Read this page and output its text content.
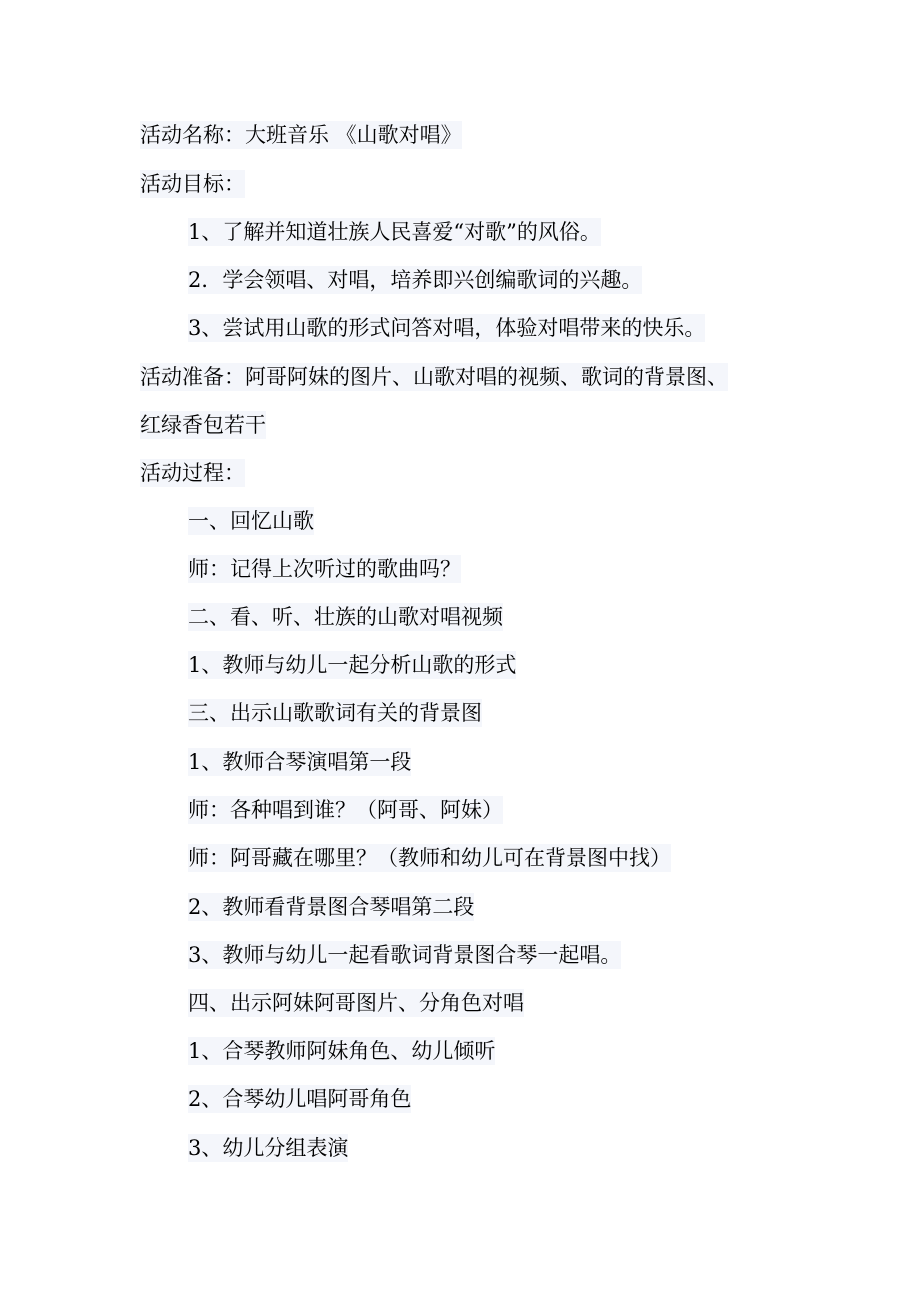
活动名称：大班音乐 《山歌对唱》
活动目标：
1、了解并知道壮族人民喜爱“对歌”的风俗。
2．学会领唱、对唱，培养即兴创编歌词的兴趣。
3、尝试用山歌的形式问答对唱，体验对唱带来的快乐。
活动准备：阿哥阿妹的图片、山歌对唱的视频、歌词的背景图、
红绿香包若干
活动过程：
一、回忆山歌
师：记得上次听过的歌曲吗？
二、看、听、壮族的山歌对唱视频
1、教师与幼儿一起分析山歌的形式
三、出示山歌歌词有关的背景图
1、教师合琴演唱第一段
师：各种唱到谁？（阿哥、阿妹）
师：阿哥藏在哪里？（教师和幼儿可在背景图中找）
2、教师看背景图合琴唱第二段
3、教师与幼儿一起看歌词背景图合琴一起唱。
四、出示阿妹阿哥图片、分角色对唱
1、合琴教师阿妹角色、幼儿倾听
2、合琴幼儿唱阿哥角色
3、幼儿分组表演
